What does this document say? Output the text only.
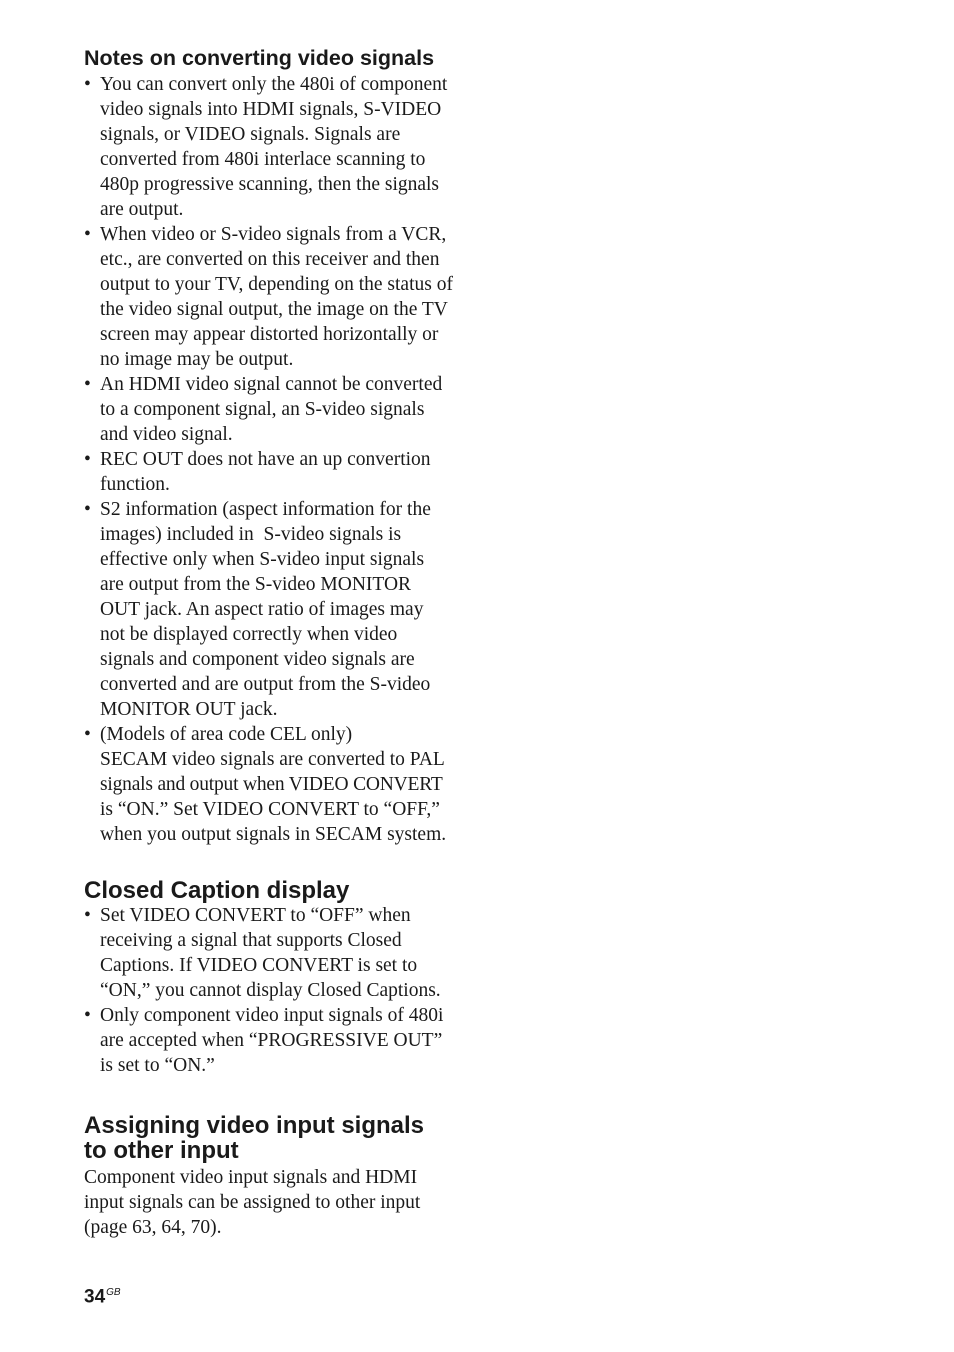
Notes on converting video signals
• You can convert only the 480i of component
video signals into HDMI signals, S-VIDEO
signals, or VIDEO signals. Signals are
converted from 480i interlace scanning to
480p progressive scanning, then the signals
are output.
• When video or S-video signals from a VCR,
etc., are converted on this receiver and then
output to your TV, depending on the status of
the video signal output, the image on the TV
screen may appear distorted horizontally or
no image may be output.
• An HDMI video signal cannot be converted
to a component signal, an S-video signals
and video signal.
• REC OUT does not have an up convertion
function.
• S2 information (aspect information for the
images) included in  S-video signals is
effective only when S-video input signals
are output from the S-video MONITOR
OUT jack. An aspect ratio of images may
not be displayed correctly when video
signals and component video signals are
converted and are output from the S-video
MONITOR OUT jack.
• (Models of area code CEL only)
SECAM video signals are converted to PAL
signals and output when VIDEO CONVERT
is “ON.” Set VIDEO CONVERT to “OFF,”
when you output signals in SECAM system.
Closed Caption display
• Set VIDEO CONVERT to “OFF” when
receiving a signal that supports Closed
Captions. If VIDEO CONVERT is set to
“ON,” you cannot display Closed Captions.
• Only component video input signals of 480i
are accepted when “PROGRESSIVE OUT”
is set to “ON.”
Assigning video input signals
to other input

Component video input signals and HDMI
input signals can be assigned to other input
(page 63, 64, 70).

$34^{GB}$
